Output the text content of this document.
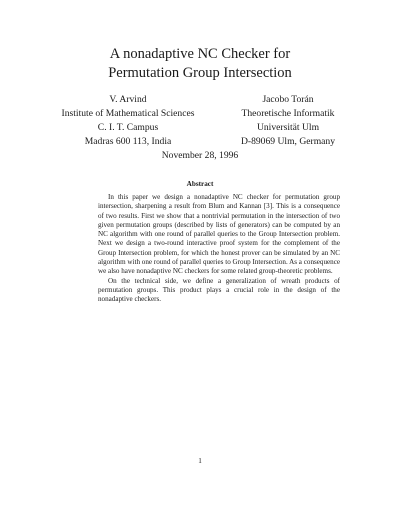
A nonadaptive NC Checker for
Permutation Group Intersection
V. Arvind
Institute of Mathematical Sciences
C. I. T. Campus
Madras 600 113, India
Jacobo Torán
Theoretische Informatik
Universität Ulm
D-89069 Ulm, Germany
November 28, 1996
Abstract

In this paper we design a nonadaptive NC checker for permutation group intersection, sharpening a result from Blum and Kannan [3]. This is a consequence of two results. First we show that a nontrivial permutation in the intersection of two given permutation groups (described by lists of generators) can be computed by an NC algorithm with one round of parallel queries to the Group Intersection problem. Next we design a two-round interactive proof system for the complement of the Group Intersection problem, for which the honest prover can be simulated by an NC algorithm with one round of parallel queries to Group Intersection. As a consequence we also have nonadaptive NC checkers for some related group-theoretic problems.

On the technical side, we define a generalization of wreath products of permutation groups. This product plays a crucial role in the design of the nonadaptive checkers.

1
